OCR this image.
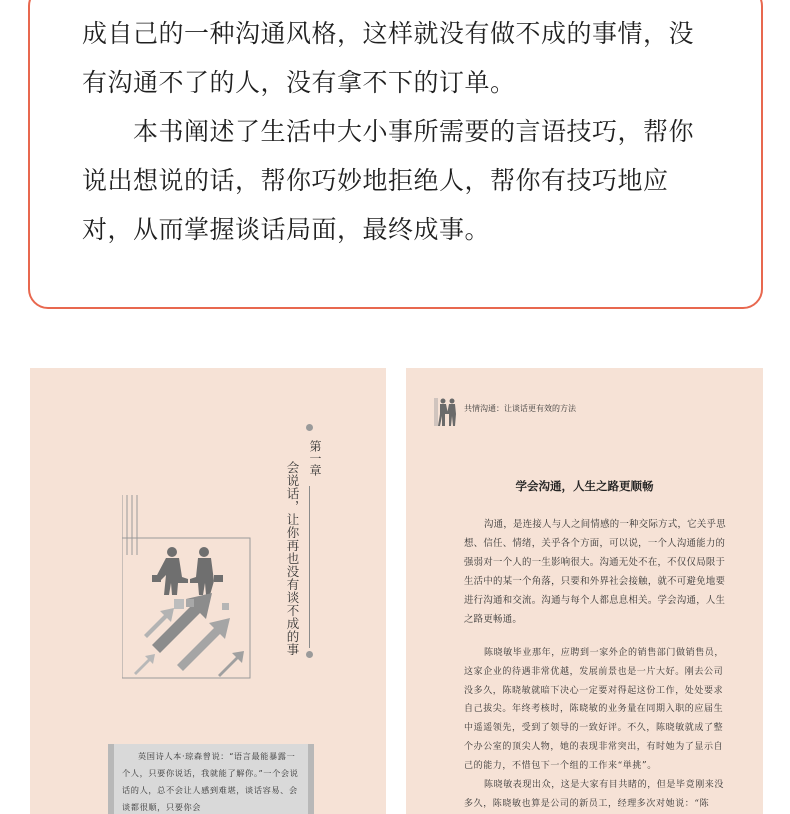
成自己的一种沟通风格，这样就没有做不成的事情，没

有沟通不了的人，没有拿不下的订单。

　　本书阐述了生活中大小事所需要的言语技巧，帮你

说出想说的话，帮你巧妙地拒绝人，帮你有技巧地应

对，从而掌握谈话局面，最终成事。

第一章
会说话，让你再也没有谈不成的事

英国诗人本·琼森曾说：“语言最能暴露一个人，只要你说话，我就能了解你。”一个会说话的人，总不会让人感到难堪，谈话容易、会谈都很顺，只要你会

共情沟通：让谈话更有效的方法
学会沟通，人生之路更顺畅

沟通，是连接人与人之间情感的一种交际方式，它关乎思想、信任、情绪，关乎各个方面，可以说，一个人沟通能力的强弱对一个人的一生影响很大。沟通无处不在，不仅仅局限于生活中的某一个角落，只要和外界社会接触，就不可避免地要进行沟通和交流。沟通与每个人都息息相关。学会沟通，人生之路更畅通。

陈晓敏毕业那年，应聘到一家外企的销售部门做销售员，这家企业的待遇非常优越，发展前景也是一片大好。刚去公司没多久，陈晓敏就暗下决心一定要对得起这份工作，处处要求自己拔尖。年终考核时，陈晓敏的业务量在同期入职的应届生中遥遥领先，受到了领导的一致好评。不久，陈晓敏就成了整个办公室的顶尖人物，她的表现非常突出，有时她为了显示自己的能力，不惜包下一个组的工作来“単挑”。

陈晓敏表现出众，这是大家有目共睹的，但是毕竟刚来没多久，陈晓敏也算是公司的新员工，经理多次对她说：“陈
